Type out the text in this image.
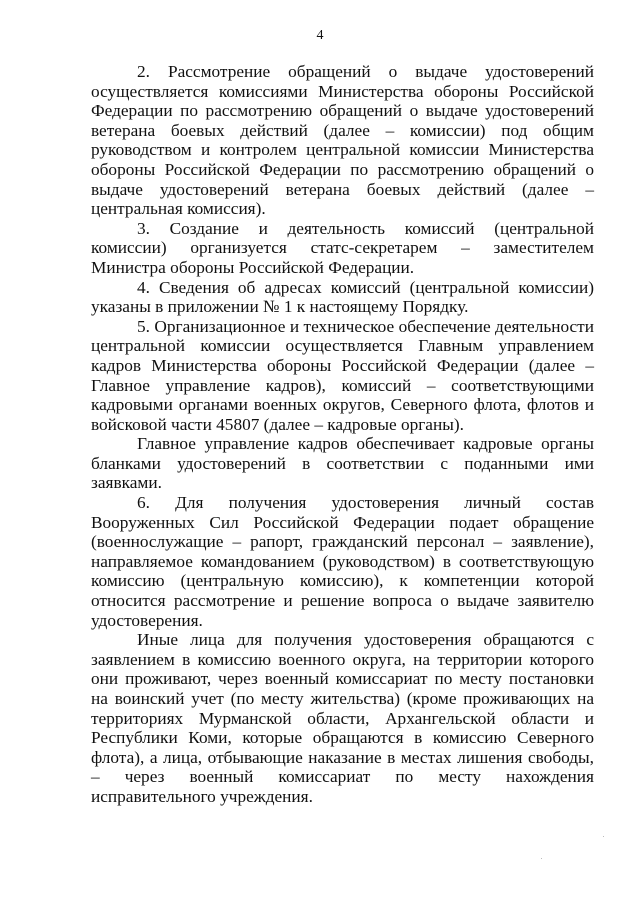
4

2. Рассмотрение обращений о выдаче удостоверений осуществляется комиссиями Министерства обороны Российской Федерации по рассмотрению обращений о выдаче удостоверений ветерана боевых действий (далее – комиссии) под общим руководством и контролем центральной комиссии Министерства обороны Российской Федерации по рассмотрению обращений о выдаче удостоверений ветерана боевых действий (далее – центральная комиссия).

3. Создание и деятельность комиссий (центральной комиссии) организуется статс-секретарем – заместителем Министра обороны Российской Федерации.

4. Сведения об адресах комиссий (центральной комиссии) указаны в приложении № 1 к настоящему Порядку.

5. Организационное и техническое обеспечение деятельности центральной комиссии осуществляется Главным управлением кадров Министерства обороны Российской Федерации (далее – Главное управление кадров), комиссий – соответствующими кадровыми органами военных округов, Северного флота, флотов и войсковой части 45807 (далее – кадровые органы).

Главное управление кадров обеспечивает кадровые органы бланками удостоверений в соответствии с поданными ими заявками.

6. Для получения удостоверения личный состав Вооруженных Сил Российской Федерации подает обращение (военнослужащие – рапорт, гражданский персонал – заявление), направляемое командованием (руководством) в соответствующую комиссию (центральную комиссию), к компетенции которой относится рассмотрение и решение вопроса о выдаче заявителю удостоверения.

Иные лица для получения удостоверения обращаются с заявлением в комиссию военного округа, на территории которого они проживают, через военный комиссариат по месту постановки на воинский учет (по месту жительства) (кроме проживающих на территориях Мурманской области, Архангельской области и Республики Коми, которые обращаются в комиссию Северного флота), а лица, отбывающие наказание в местах лишения свободы, – через военный комиссариат по месту нахождения исправительного учреждения.
